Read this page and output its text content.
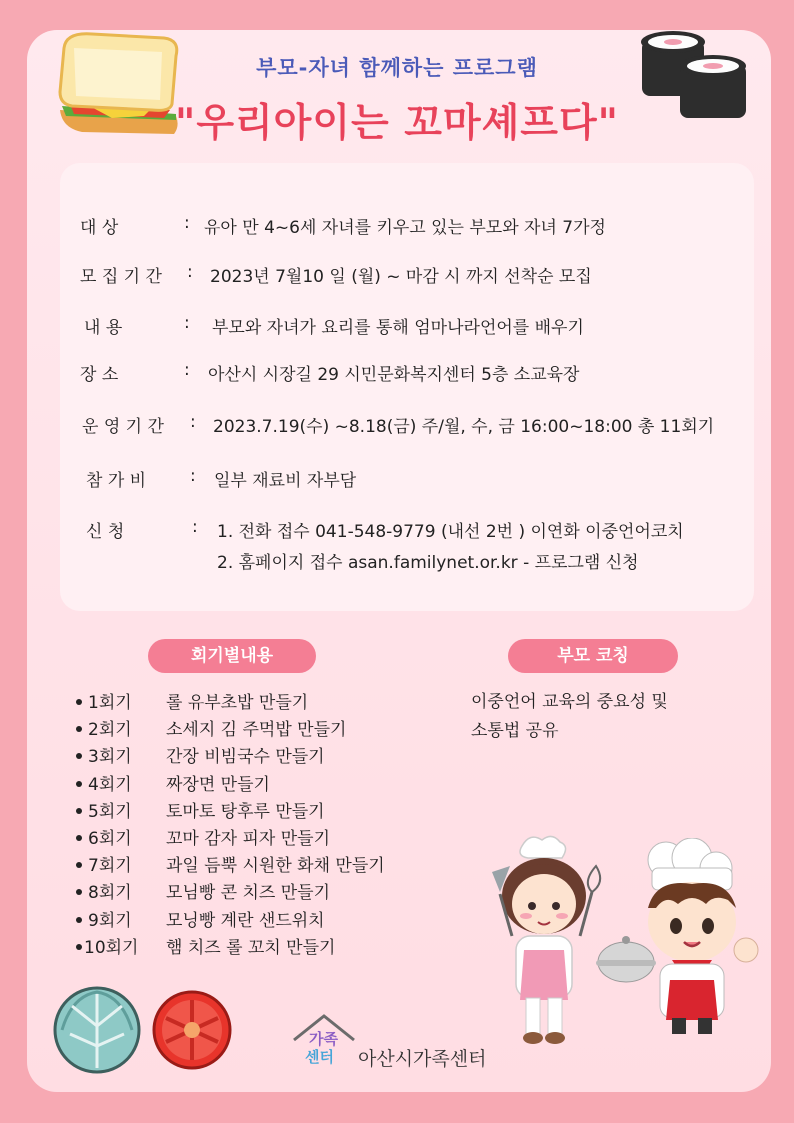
부모-자녀 함께하는 프로그램
"우리아이는 꼬마셰프다"
대 상	: 유아 만 4~6세 자녀를 키우고 있는 부모와 자녀 7가정
모 집 기 간 : 2023년 7월10 일 (월) ~ 마감 시 까지 선착순 모집
내 용	: 부모와 자녀가 요리를 통해 엄마나라언어를 배우기
장 소	: 아산시 시장길 29 시민문화복지센터 5층 소교육장
운 영 기 간 : 2023.7.19(수) ~8.18(금) 주/월, 수, 금 16:00~18:00 총 11회기
참 가 비	: 일부 재료비 자부담
신 청	: 1. 전화 접수 041-548-9779 (내선 2번 ) 이연화 이중언어코치
2. 홈페이지 접수 asan.familynet.or.kr - 프로그램 신청
회기별내용	부모 코칭
1회기 롤 유부초밥 만들기
2회기 소세지 김 주먹밥 만들기
3회기 간장 비빔국수 만들기
4회기 짜장면 만들기
5회기 토마토 탕후루 만들기
6회기 꼬마 감자 피자 만들기
7회기 과일 듬뿍 시원한 화채 만들기
8회기 모님빵 콘 치즈 만들기
9회기 모닝빵 계란 샌드위치
10회기 햄 치즈 롤 꼬치 만들기
이중언어 교육의 중요성 및
소통법 공유
가족
센터 아산시가족센터
